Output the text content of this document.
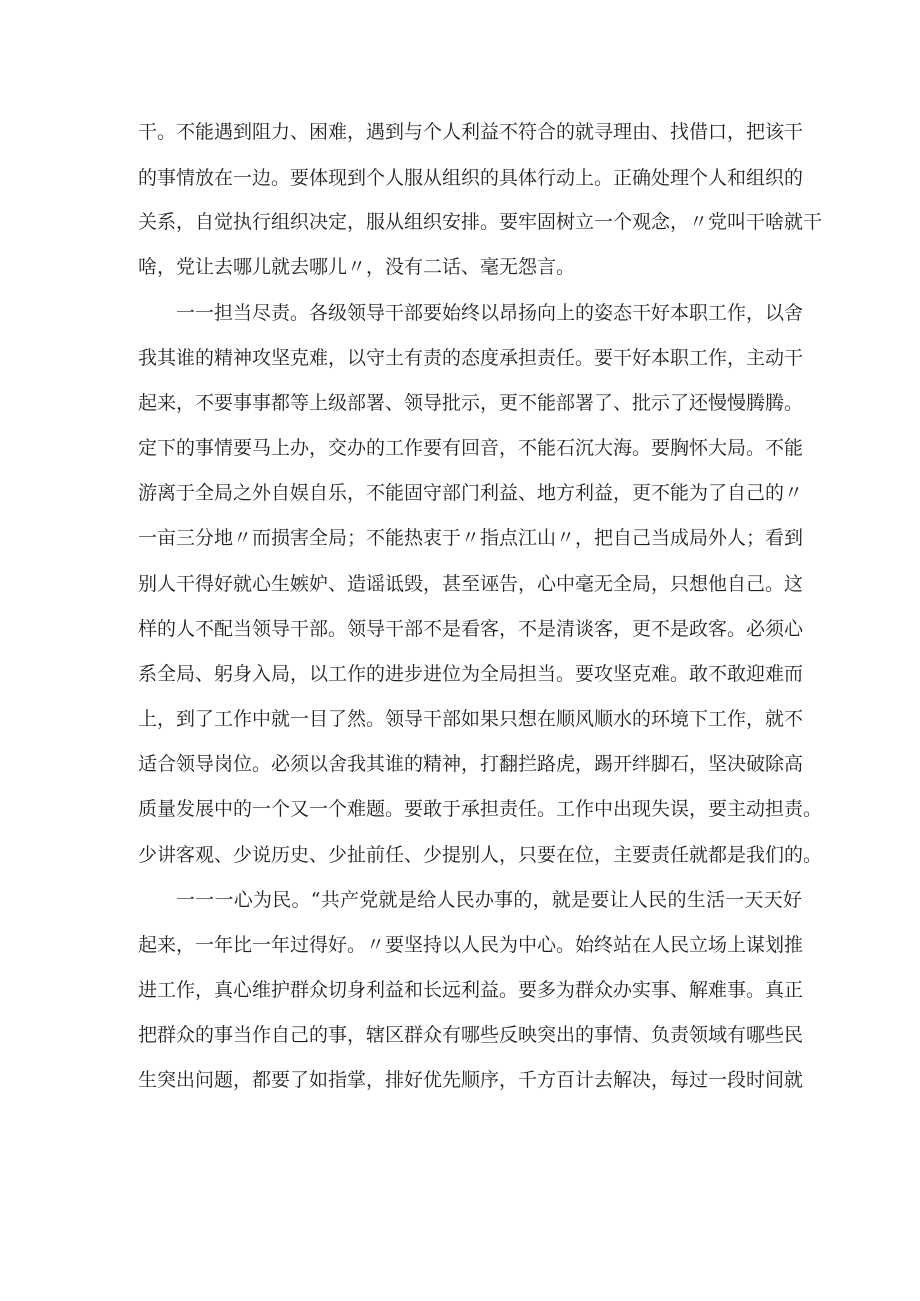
干。不能遇到阻力、困难，遇到与个人利益不符合的就寻理由、找借口，把该干
的事情放在一边。要体现到个人服从组织的具体行动上。正确处理个人和组织的
关系，自觉执行组织决定，服从组织安排。要牢固树立一个观念，〃党叫干啥就干
啥，党让去哪儿就去哪儿〃，没有二话、毫无怨言。
一一担当尽责。各级领导干部要始终以昂扬向上的姿态干好本职工作，以舍
我其谁的精神攻坚克难，以守土有责的态度承担责任。要干好本职工作，主动干
起来，不要事事都等上级部署、领导批示，更不能部署了、批示了还慢慢腾腾。
定下的事情要马上办，交办的工作要有回音，不能石沉大海。要胸怀大局。不能
游离于全局之外自娱自乐，不能固守部门利益、地方利益，更不能为了自己的〃
一亩三分地〃而损害全局；不能热衷于〃指点江山〃，把自己当成局外人；看到
别人干得好就心生嫉妒、造谣诋毁，甚至诬告，心中毫无全局，只想他自己。这
样的人不配当领导干部。领导干部不是看客，不是清谈客，更不是政客。必须心
系全局、躬身入局，以工作的进步进位为全局担当。要攻坚克难。敢不敢迎难而
上，到了工作中就一目了然。领导干部如果只想在顺风顺水的环境下工作，就不
适合领导岗位。必须以舍我其谁的精神，打翻拦路虎，踢开绊脚石，坚决破除高
质量发展中的一个又一个难题。要敢于承担责任。工作中出现失误，要主动担责。
少讲客观、少说历史、少扯前任、少提别人，只要在位，主要责任就都是我们的。
一一一心为民。“共产党就是给人民办事的，就是要让人民的生活一天天好
起来，一年比一年过得好。〃要坚持以人民为中心。始终站在人民立场上谋划推
进工作，真心维护群众切身利益和长远利益。要多为群众办实事、解难事。真正
把群众的事当作自己的事，辖区群众有哪些反映突出的事情、负责领域有哪些民
生突出问题，都要了如指掌，排好优先顺序，千方百计去解决，每过一段时间就
